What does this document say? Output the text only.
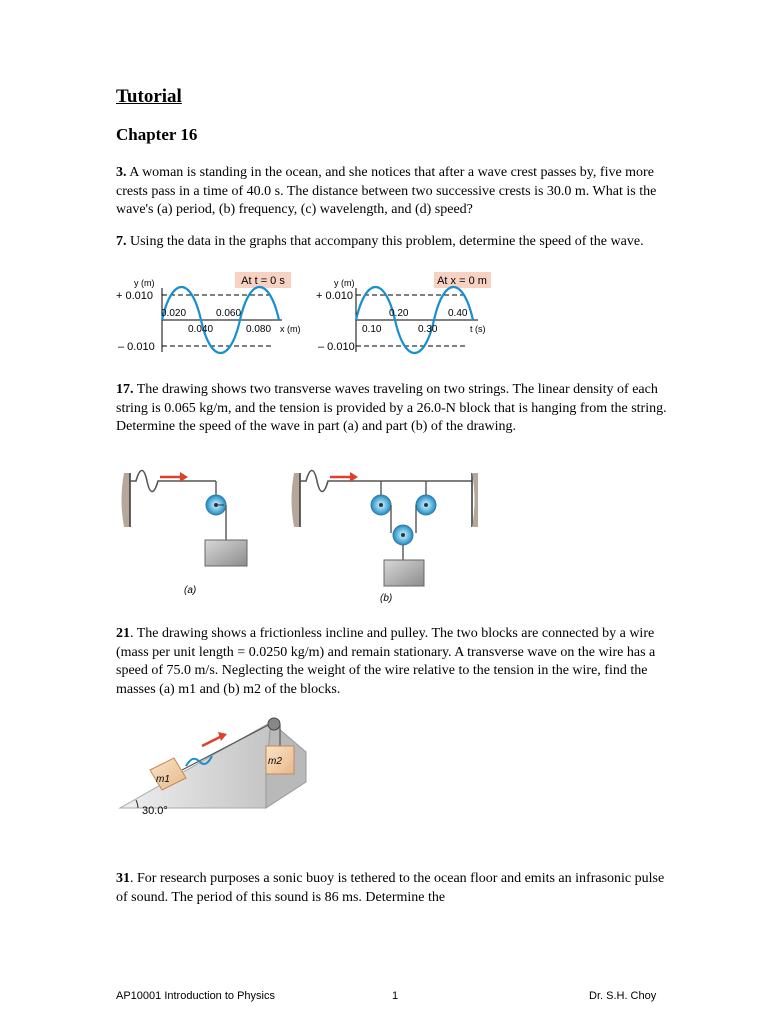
Tutorial
Chapter 16
3. A woman is standing in the ocean, and she notices that after a wave crest passes by, five more crests pass in a time of 40.0 s. The distance between two successive crests is 30.0 m. What is the wave's (a) period, (b) frequency, (c) wavelength, and (d) speed?
7. Using the data in the graphs that accompany this problem, determine the speed of the wave.
At t = 0 s
y (m)
+ 0.010
– 0.010
0.020	0.060
0.040	0.080 x (m)
At x = 0 m
y (m)
+ 0.010
– 0.010
0.20	0.40
0.10	0.30	t (s)
17. The drawing shows two transverse waves traveling on two strings. The linear density of each string is 0.065 kg/m, and the tension is provided by a 26.0-N block that is hanging from the string. Determine the speed of the wave in part (a) and part (b) of the drawing.
(a)
(b)
21. The drawing shows a frictionless incline and pulley. The two blocks are connected by a wire (mass per unit length = 0.0250 kg/m) and remain stationary. A transverse wave on the wire has a speed of 75.0 m/s. Neglecting the weight of the wire relative to the tension in the wire, find the masses (a) m1 and (b) m2 of the blocks.
m1
m2
30.0°
31. For research purposes a sonic buoy is tethered to the ocean floor and emits an infrasonic pulse of sound. The period of this sound is 86 ms. Determine the
AP10001 Introduction to Physics	1	Dr. S.H. Choy
